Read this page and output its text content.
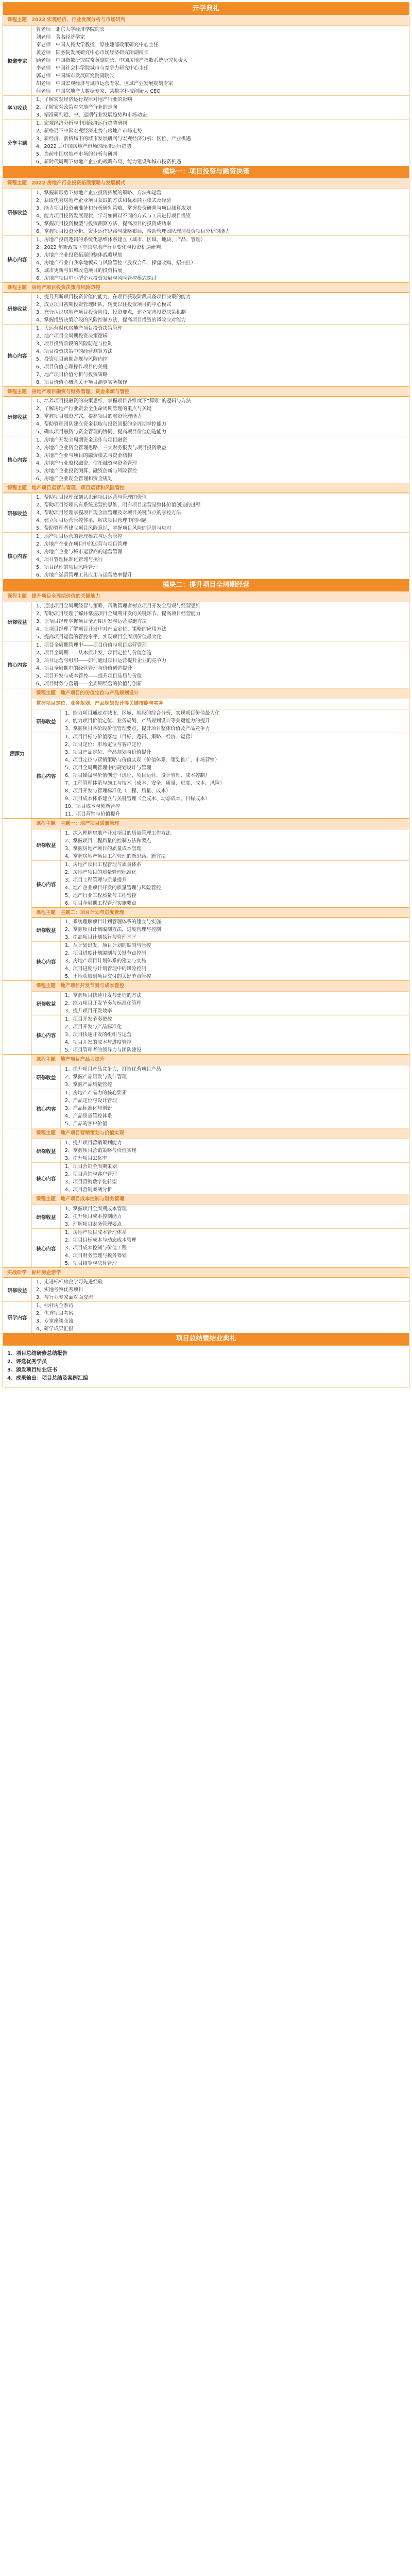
开学典礼
课程主题　 2022 宏观经济、行业发展分析与市场研判
拟邀专家
曹老师　北京大学经济学院院长
刘老师　著名经济学家
秦老师　中国人民大学教授、原住建部政策研究中心主任
黄老师　国务院发展研究中心市场经济研究所副所长
顾老师　中国指数研究院常务副院长、中国房地产指数系统研究负责人
李老师　中国社会科学院城市与竞争力研究中心主任
郭老师　中国城市发展研究院副院长
胡老师　中国宏观经济与城市运营专家、区域产业发展规划专家
何老师　中国房地产大数据专家、某数字科技创始人 CEO
学习收获
1、了解宏观经济运行规律对地产行业的影响
2、了解宏观政策对房地产行业的走向
3、精准研判近、中、远期行业发展趋势和市场动态
分享主题
1、宏观经济分析与中国经济运行趋势研判
2、新格局下中国宏观经济走势与房地产市场走势
3、新经济、新格局下的城市发展研判与宏观经济分析：区位、产业机遇
4、2022 后中国房地产市场的经济运行趋势
5、当前中国房地产市场的分析与研判
6、新时代周期下房地产企业的战略布局、能力建设和城市投资机遇
模块一：项目投资与融资决策
课程主题　 2022 房地产行业投资拓展策略与发展模式
研修收益
1、掌握新形势下房地产企业投资拓展的策略、方法和运营
2、获取优秀房地产企业项目获取的方法和优质商业模式及经验
3、能力项目投资前准备和分析研判策略，掌握投资研判与项目测算规划
4、能力项目投资发展现状，学习如何以不同的方式与工具进行项目投资
5、掌握项目投资模型与投资测算方法，提高项目的投资成功率
6、掌握项目投资分析，资本运作思路与战略布局，帮助管理团队理清投资项目分析的能力
核心内容
1、房地产投资逻辑的系统化思维体系建立（城市、区域、地块、产品、管理）
2、2022 年新政策下中国房地产行业变化与投资机遇研判
3、房地产企业投资拓展的整体战略规划
4、房地产行业自我拿地模式与风险管控（股权合作、操盘收购、招拍挂）
5、城市更新与旧城改造项目的投资拓展
6、房地产项目中小型企业投资发展与风险管控模式探讨
课程主题　 房地产项目投资决策与风险防控
研修收益
1、提升判断项目投资价值的能力，在项目获取阶段具备项目决策的能力
2、成立项目初期投资管理团队，转变以往投资项目的中心模式
3、充分认识房地产项目投资阶段、投资要点，建立完善投资决策机制
4、掌握投资决策阶段的风险控制方法，提高项目投资的风险应对能力
核心内容
1、大运营时代房地产项目投资决策管理
2、地产项目全周期投资决策逻辑
3、项目投资阶段的风险防范与控制
4、项目投资决策中的经营测算方法
5、投资项目前期合规与风险内控
6、项目价值心理操作项目的关键
7、地产项目价值分析与投资策略
8、项目价值心概念关于项目测算实务操作
课程主题　 房地产项目融资与财务管理、资金来源与管控
研修收益
1、培养项目投融资的决策思维，掌握项目各维度下“算账”的逻辑与方法
2、了解房地产行业资金全生命周期管理的重点与关键
3、掌握项目融资方式，提高项目的融资管理能力
4、帮助管理团队建立资金获取与投资回报的全周期掌控能力
5、确认项目融资与资金管理的协同，提高项目价值创造能力
核心内容
1、房地产开发全周期资金运作与项目融资
2、房地产企业资金管理思路、三大财务报表与项目投资收益
3、房地产企业与项目的融资模式与资金结构
4、房地产行业股权融资、信托融资与资金管理
5、房地产企业投资测算、融资创新与风险管控
6、房地产企业现金管理和资金规划
课程主题　 地产项目运营与管理、项目运营和风险管控
研修收益
1、帮助项目经理深刻认识到项目运营与管理的价值
2、帮助项目经理具有系统运营的思维，明白项目运营是整体价值创造的过程
3、帮助项目经理掌握项目现金流管理及对项目关键节点的掌控方法
4、建立项目运营管控体系，解决项目管理中的问题
5、帮助管理者建立项目风险意识，掌握项目风险的识别与应对
核心内容
1、地产项目运营的管理模式与运营管控
2、房地产企业在项目中的运营与项目管理
3、房地产企业与城市运营商的运营管理
4、项目管理标准化管理与执行
5、项目经理的项目风险管理
6、房地产运营管理工具应用与运营效率提升
模块二：提升项目全周期经营
课程主题　 提升项目全周期价值的关键能力
研修收益
1、通过项目全周期经营与策略，帮助管理者树立项目开发全局观与经营思维
2、帮助项目经理了解并掌握项目全周期开发的关键环节，提高项目经营能力
3、让项目经理掌握项目全周期开发与运营实施方法
4、让项目经理了解项目开发中对产品定位、策略的应用方法
5、提高项目运营的管控水平，实现项目全周期价值最大化
核心内容
1、项目全周期管理中——项目价值与项目运营管理
2、项目全周期——从本质出发，项目定位与价值创造
3、项目运营与组织——如何通过项目运营提升企业的竞争力
4、项目全周期中的经营管理与价值创造提升
5、项目开发与成本管控——提升项目品质与价值
6、项目财务与营销——全周期经营的价值与创新
溯源力
课程主题　 地产项目的价值定位与产品规划设计
掌握项目定位、业务规划、产品规划设计等关键技能与实务
研修收益
1、能力项目通过对城市、区域、地段的综合分析，实现项目价值最大化
2、能力项目价值定位、业务规划、产品规划设计等关键能力的提升
3、掌握项目各阶段价值管理要点，提升项目整体价值及产品竞争力
核心内容
1、项目目标与价值落地（目标、逻辑、策略、经济、运营）
2、项目定位：市场定位与客户定位
3、项目产品定位、产品规划与价值提升
4、项目定位与营销策略与价值实现（价值体系、策划推广、市场营销）
5、项目全周期管理中的规划设计与管理
6、项目操盘与价值创造（选址、项目运营、设计管理、成本控制）
7、工程管理体系与施工与技术（成本、安全、质量、进度、成本、风险）
8、项目开发与管理标准化（工程、质量、成本）
9、项目成本体系建立与关键管理（全成本、动态成本、目标成本）
10、项目成本与创新管控
11、项目营销与价值提升
课程主题　 主题一：地产项目质量管理
研修收益
1、深入理解房地产开发项目的质量管理工作方法
2、掌握项目工程质量的控制方法和要点
3、掌握房地产项目的质量成本管理
4、掌握房地产项目工程管理的新思路、新方法
核心内容
1、房地产项目工程管理与质量体系
2、房地产项目的质量管理标准化
3、项目工程管理与质量提升
4、地产企业项目开发的质量管理与风险管控
5、地产行业工程质量与工程管控
6、项目全周期工程管理实施要点
课程主题　 主题二：项目计划与进度管理
研修收益
1、系统理解项目计划管理体系的建立与实施
2、掌握项目计划编制方法，进度管理与控制
3、提高项目计划执行与管理水平
核心内容
1、从计划出发，项目计划的编制与管控
2、项目进度计划编制与关键节点控制
3、房地产项目计划体系的建立与实施
4、项目进度与计划管理中的风险控制
5、土地获取到项目交付的关键节点管控
课程主题　 地产项目开发节奏与成本管控
研修收益
1、掌握项目快速开发与建造的方法
2、能力项目开发节奏与标准化管理
3、提升项目开发效率
核心内容
1、项目开发节奏把控
2、项目开发与产品标准化
3、项目快速开发的组织与运营
4、项目开发的成本与进度管控
5、项目管理者的领导力与团队建设
课程主题　 地产项目产品力提升
研修收益
1、提升项目产品竞争力，打造优秀项目产品
2、掌握产品研发与设计管理
3、掌握产品质量管控
核心内容
1、房地产产品力的核心要素
2、产品定位与设计管理
3、产品标准化与创新
4、产品质量管控体系
5、产品的客户价值
课程主题　 地产项目营销策划与价值实现
研修收益
1、提升项目营销策划能力
2、掌握项目营销策略与价值实现
3、提升项目去化率
核心内容
1、项目营销全周期策划
2、项目营销与客户管理
3、项目营销数字化转型
4、项目营销案例分析
课程主题　 地产项目成本控制与财务管理
研修收益
1、掌握项目全周期成本管理
2、提升项目成本控制能力
3、理解项目财务管理要点
核心内容
1、房地产项目成本管理体系
2、项目目标成本与动态成本管理
3、项目成本控制与价值工程
4、项目财务管理与税务筹划
5、项目结算与决算管理
实战研学　 标杆房企游学
研修收益
1、走进标杆房企学习先进经验
2、实地考察优秀项目
3、与行业专家面对面交流
研学内容
1、标杆房企参访
2、优秀项目考察
3、专家座谈交流
4、研学成果汇报
项目总结暨结业典礼
1、项目总结研修总结报告
2、评选优秀学员
3、颁发项目结业证书
4、成果输出：项目总结及案例汇编
